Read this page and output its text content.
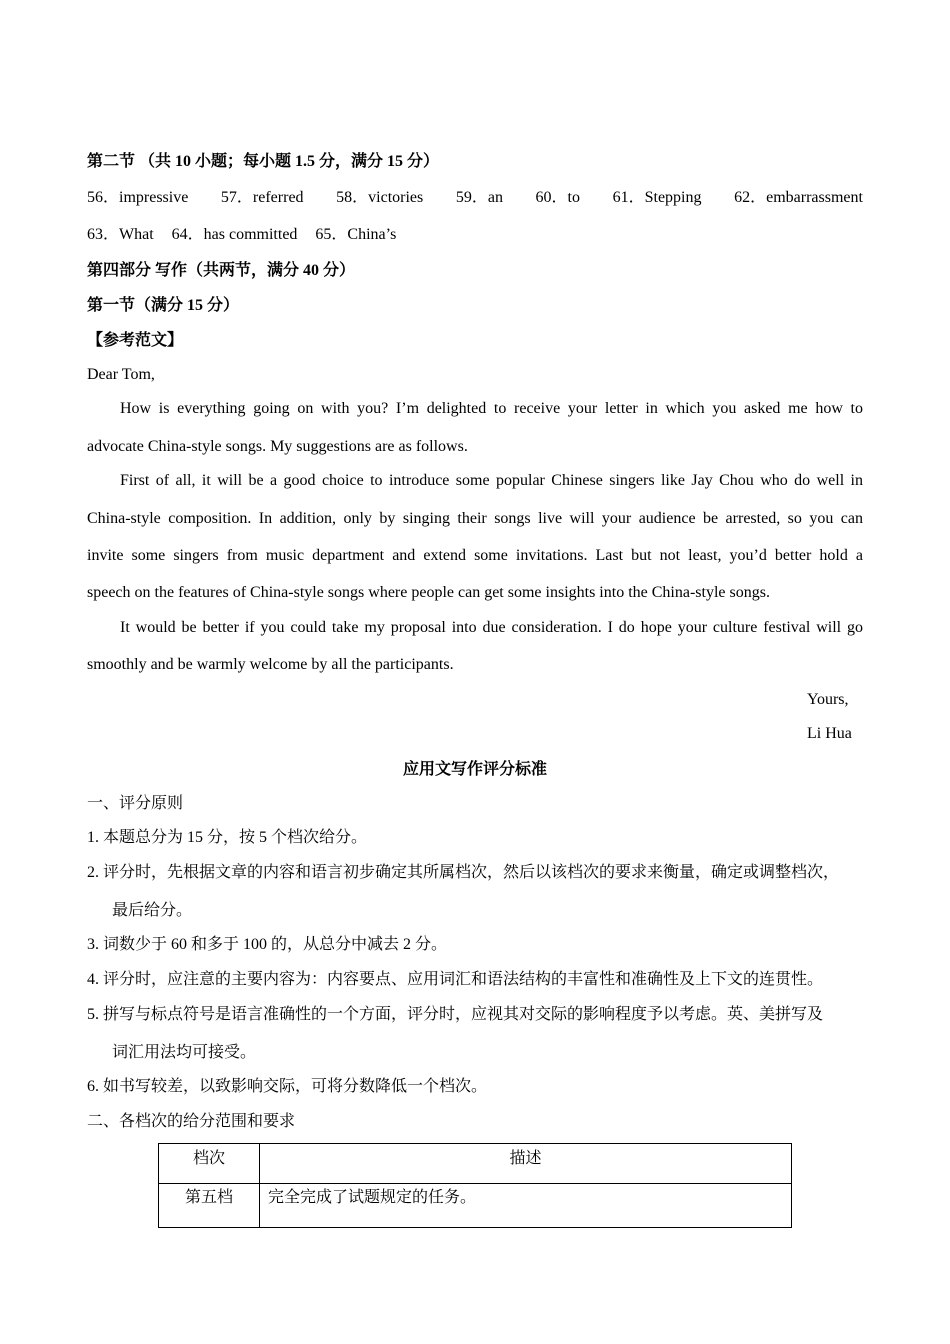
第二节 （共 10 小题；每小题 1.5 分，满分 15 分）
56．impressive 57．referred 58．victories 59．an 60．to 61．Stepping 62．embarrassment
63．What 64．has committed 65．China’s
第四部分 写作（共两节，满分 40 分）
第一节（满分 15 分）
【参考范文】
Dear Tom,
How is everything going on with you? I’m delighted to receive your letter in which you asked me how to
advocate China-style songs. My suggestions are as follows.
First of all, it will be a good choice to introduce some popular Chinese singers like Jay Chou who do well in
China-style composition. In addition, only by singing their songs live will your audience be arrested, so you can
invite some singers from music department and extend some invitations. Last but not least, you’d better hold a
speech on the features of China-style songs where people can get some insights into the China-style songs.
It would be better if you could take my proposal into due consideration. I do hope your culture festival will go
smoothly and be warmly welcome by all the participants.
Yours,
Li Hua
应用文写作评分标准
一、评分原则
1. 本题总分为 15 分，按 5 个档次给分。
2. 评分时，先根据文章的内容和语言初步确定其所属档次，然后以该档次的要求来衡量，确定或调整档次，
最后给分。
3. 词数少于 60 和多于 100 的，从总分中减去 2 分。
4. 评分时，应注意的主要内容为：内容要点、应用词汇和语法结构的丰富性和准确性及上下文的连贯性。
5. 拼写与标点符号是语言准确性的一个方面，评分时，应视其对交际的影响程度予以考虑。英、美拼写及
词汇用法均可接受。
6. 如书写较差，以致影响交际，可将分数降低一个档次。
二、各档次的给分范围和要求
档次	描述
第五档	完全完成了试题规定的任务。
